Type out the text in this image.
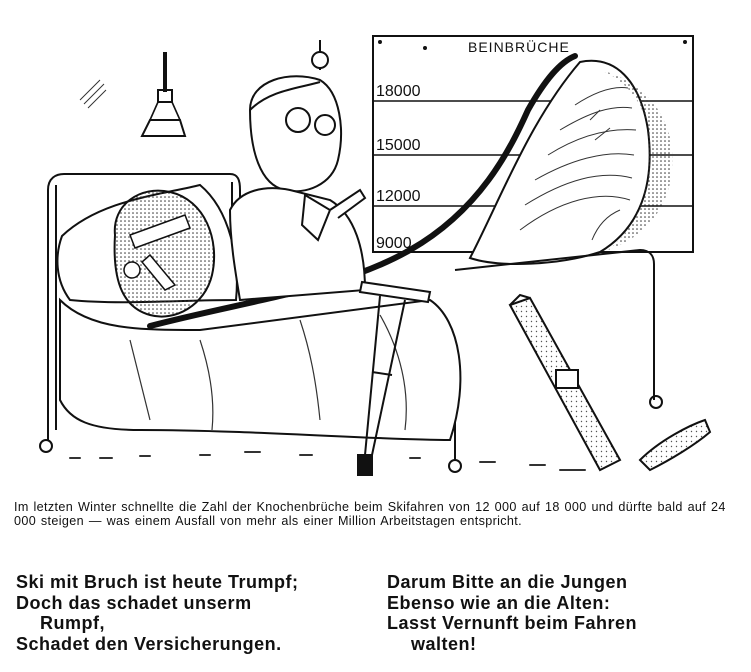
BEINBRÜCHE
18000
15000
12000
9000
Im letzten Winter schnellte die Zahl der Knochenbrüche beim Skifahren von 12 000 auf 18 000 und dürfte bald auf 24 000 steigen — was einem Ausfall von mehr als einer Million Arbeitstagen entspricht.
Ski mit Bruch ist heute Trumpf;
Doch das schadet unserm
Rumpf,
Schadet den Versicherungen.
Darum Bitte an die Jungen
Ebenso wie an die Alten:
Lasst Vernunft beim Fahren
walten!
